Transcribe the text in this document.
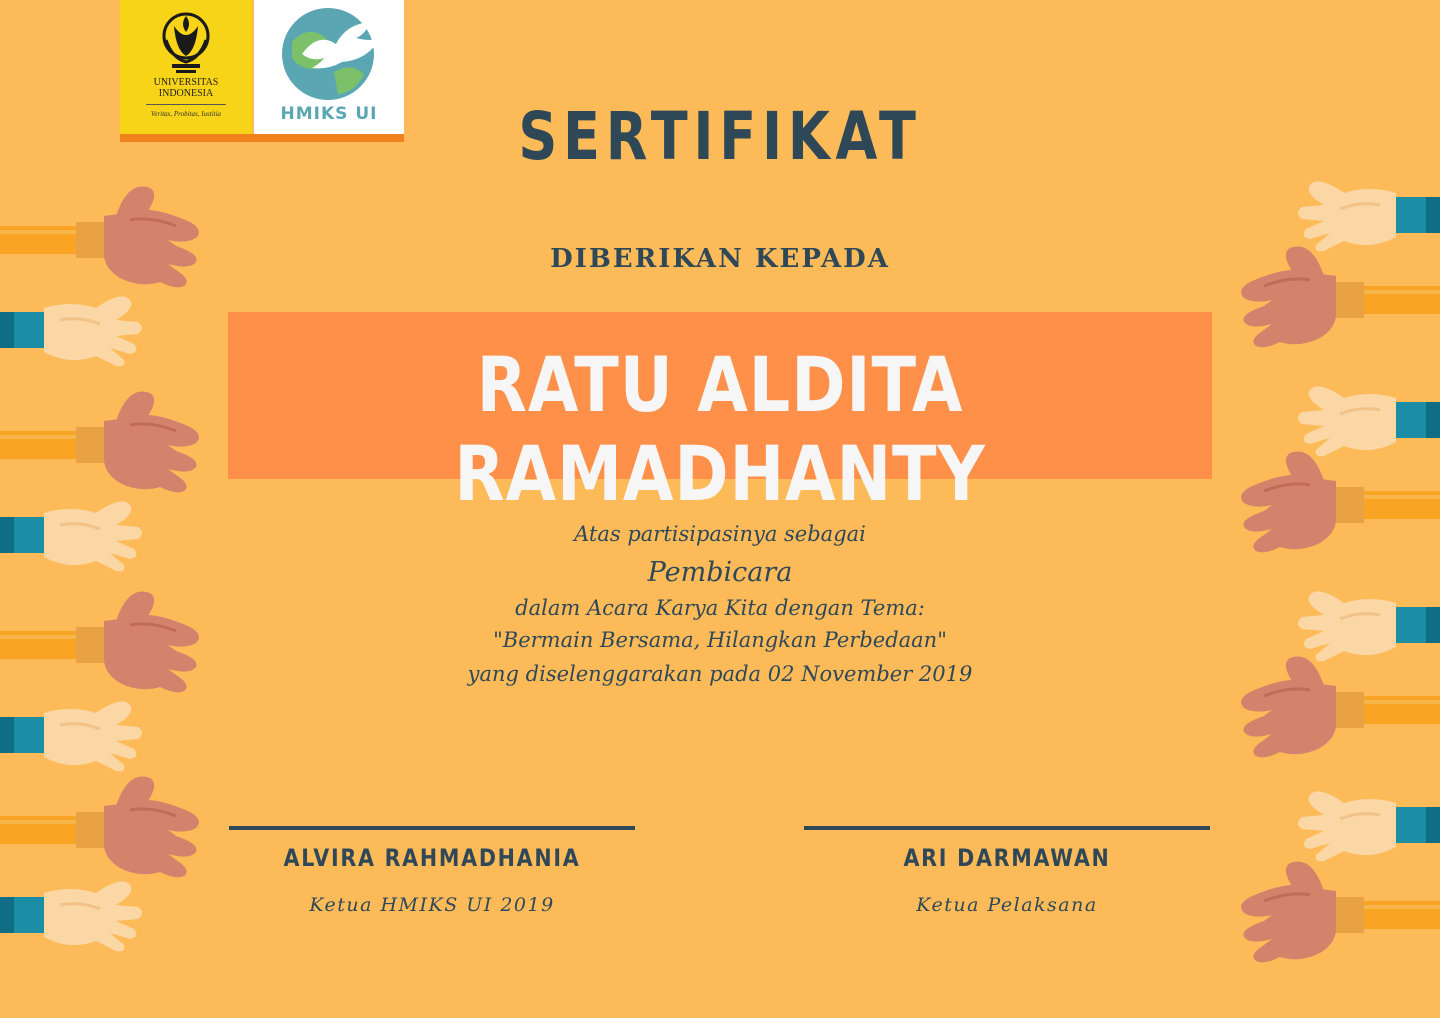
UNIVERSITAS
INDONESIA
Veritas, Probitas, Iustitia	HMIKS UI	SERTIFIKAT
DIBERIKAN KEPADA
RATU ALDITA RAMADHANTY
Atas partisipasinya sebagai
Pembicara
dalam Acara Karya Kita dengan Tema:
"Bermain Bersama, Hilangkan Perbedaan"
yang diselenggarakan pada 02 November 2019
ALVIRA RAHMADHANIA
Ketua HMIKS UI 2019
ARI DARMAWAN
Ketua Pelaksana
